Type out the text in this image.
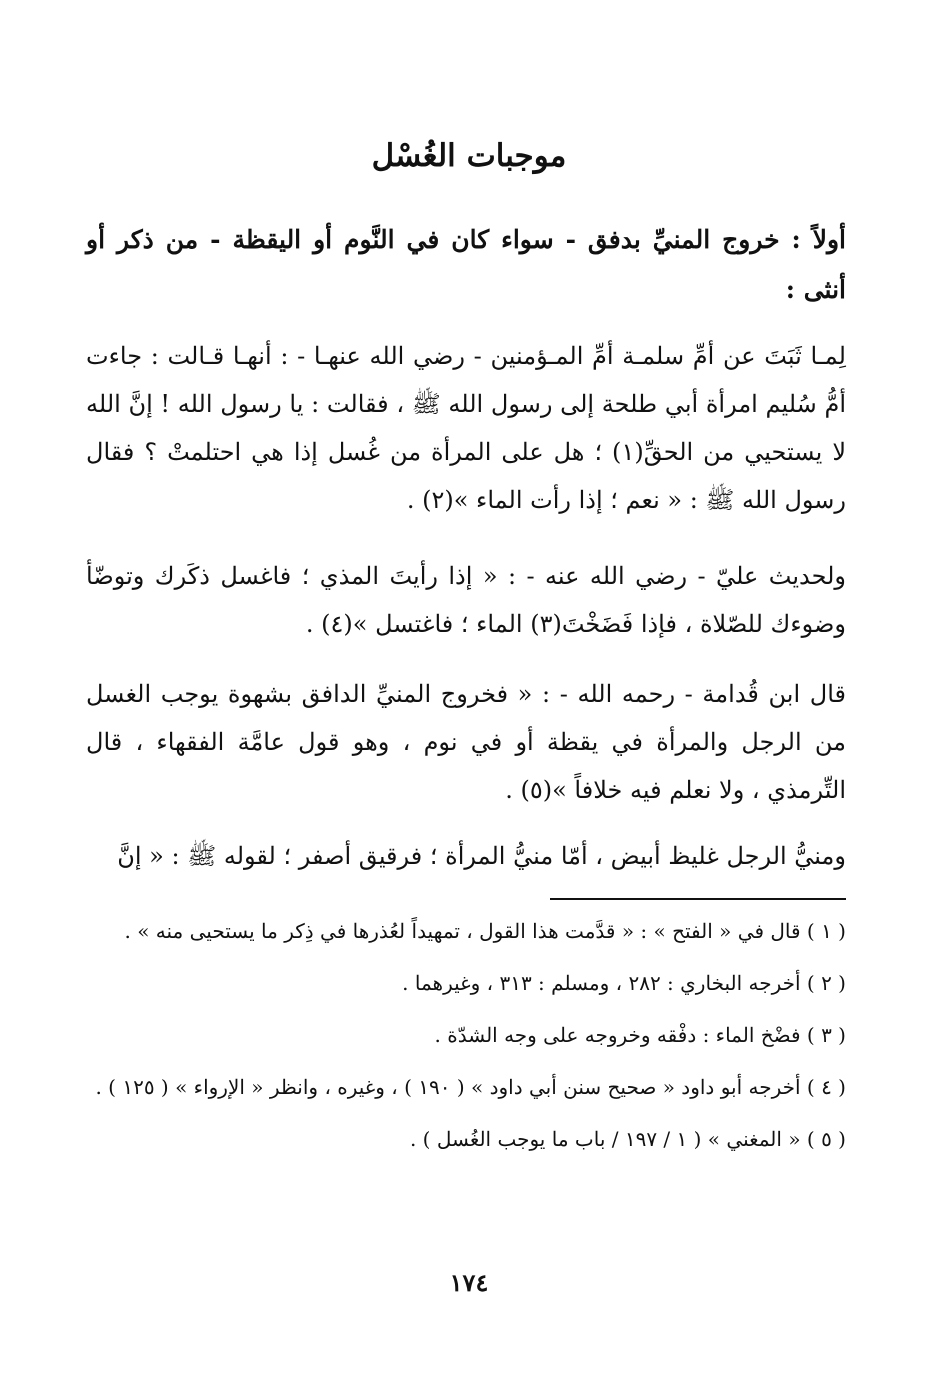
موجبات الغُسْل

أولاً : خروج المنيِّ بدفق - سواء كان في النَّوم أو اليقظة - من ذكر أو أنثى :

لِمـا ثَبَتَ عن أمِّ سلمـة أمِّ المـؤمنين - رضي الله عنهـا - : أنهـا قـالت : جاءت أمُّ سُليم امرأة أبي طلحة إلى رسول الله ﷺ ، فقالت : يا رسول الله ! إنَّ الله لا يستحيي من الحقِّ(١) ؛ هل على المرأة من غُسل إذا هي احتلمتْ ؟ فقال رسول الله ﷺ : « نعم ؛ إذا رأت الماء »(٢) .

ولحديث عليّ - رضي الله عنه - : « إذا رأيتَ المذي ؛ فاغسل ذكَرك وتوضّأ وضوءك للصّلاة ، فإذا فَضَخْتَ(٣) الماء ؛ فاغتسل »(٤) .

قال ابن قُدامة - رحمه الله - : « فخروج المنيِّ الدافق بشهوة يوجب الغسل من الرجل والمرأة في يقظة أو في نوم ، وهو قول عامَّة الفقهاء ، قال التِّرمذي ، ولا نعلم فيه خلافاً »(٥) .

ومنيُّ الرجل غليظ أبيض ، أمّا منيُّ المرأة ؛ فرقيق أصفر ؛ لقوله ﷺ : « إنَّ

( ١ ) قال في « الفتح » : « قدَّمت هذا القول ، تمهيداً لعُذرها في ذِكر ما يستحيى منه » .
( ٢ ) أخرجه البخاري : ٢٨٢ ، ومسلم : ٣١٣ ، وغيرهما .
( ٣ ) فضْخ الماء : دفْقه وخروجه على وجه الشدّة .
( ٤ ) أخرجه أبو داود « صحيح سنن أبي داود » ( ١٩٠ ) ، وغيره ، وانظر « الإرواء » ( ١٢٥ ) .
( ٥ ) « المغني » ( ١ / ١٩٧ / باب ما يوجب الغُسل ) .
١٧٤
